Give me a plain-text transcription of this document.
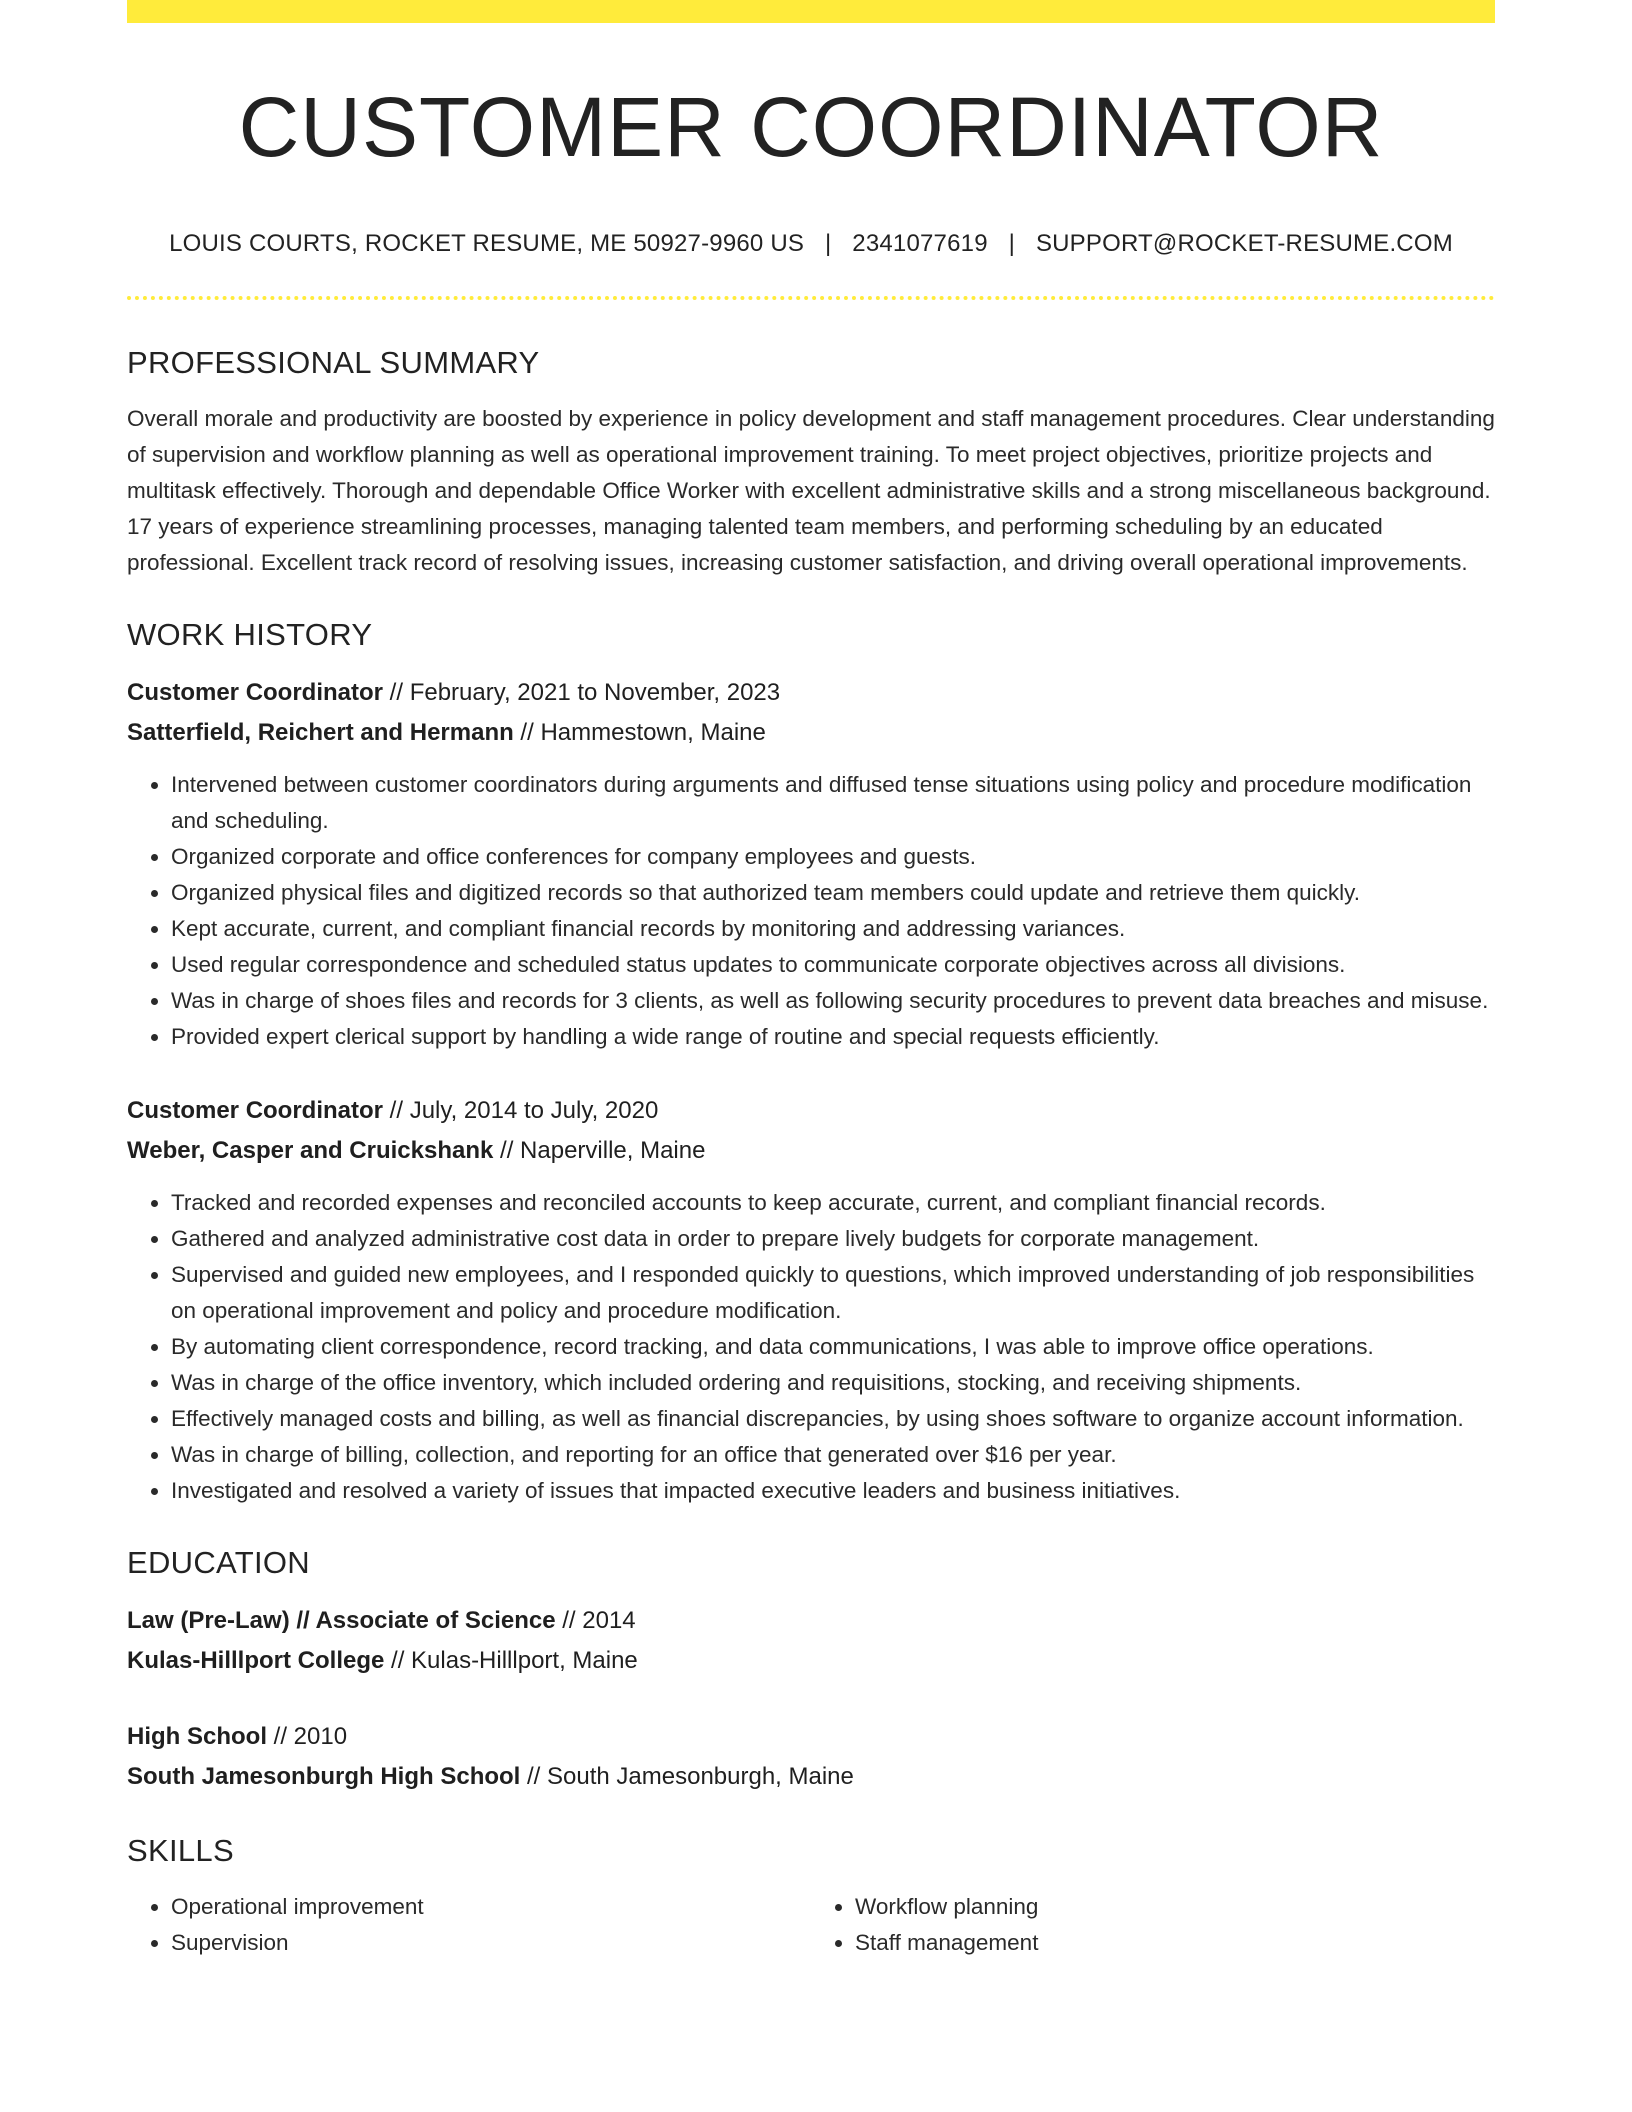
CUSTOMER COORDINATOR
LOUIS COURTS, ROCKET RESUME, ME 50927-9960 US | 2341077619 | SUPPORT@ROCKET-RESUME.COM
PROFESSIONAL SUMMARY
Overall morale and productivity are boosted by experience in policy development and staff management procedures. Clear understanding of supervision and workflow planning as well as operational improvement training. To meet project objectives, prioritize projects and multitask effectively. Thorough and dependable Office Worker with excellent administrative skills and a strong miscellaneous background. 17 years of experience streamlining processes, managing talented team members, and performing scheduling by an educated professional. Excellent track record of resolving issues, increasing customer satisfaction, and driving overall operational improvements.
WORK HISTORY
Customer Coordinator // February, 2021 to November, 2023
Satterfield, Reichert and Hermann // Hammestown, Maine
• Intervened between customer coordinators during arguments and diffused tense situations using policy and procedure modification and scheduling.
• Organized corporate and office conferences for company employees and guests.
• Organized physical files and digitized records so that authorized team members could update and retrieve them quickly.
• Kept accurate, current, and compliant financial records by monitoring and addressing variances.
• Used regular correspondence and scheduled status updates to communicate corporate objectives across all divisions.
• Was in charge of shoes files and records for 3 clients, as well as following security procedures to prevent data breaches and misuse.
• Provided expert clerical support by handling a wide range of routine and special requests efficiently.
Customer Coordinator // July, 2014 to July, 2020
Weber, Casper and Cruickshank // Naperville, Maine
• Tracked and recorded expenses and reconciled accounts to keep accurate, current, and compliant financial records.
• Gathered and analyzed administrative cost data in order to prepare lively budgets for corporate management.
• Supervised and guided new employees, and I responded quickly to questions, which improved understanding of job responsibilities on operational improvement and policy and procedure modification.
• By automating client correspondence, record tracking, and data communications, I was able to improve office operations.
• Was in charge of the office inventory, which included ordering and requisitions, stocking, and receiving shipments.
• Effectively managed costs and billing, as well as financial discrepancies, by using shoes software to organize account information.
• Was in charge of billing, collection, and reporting for an office that generated over $16 per year.
• Investigated and resolved a variety of issues that impacted executive leaders and business initiatives.
EDUCATION
Law (Pre-Law) // Associate of Science // 2014
Kulas-Hilllport College // Kulas-Hilllport, Maine
High School // 2010
South Jamesonburgh High School // South Jamesonburgh, Maine
SKILLS
• Operational improvement
• Supervision
• Workflow planning
• Staff management
